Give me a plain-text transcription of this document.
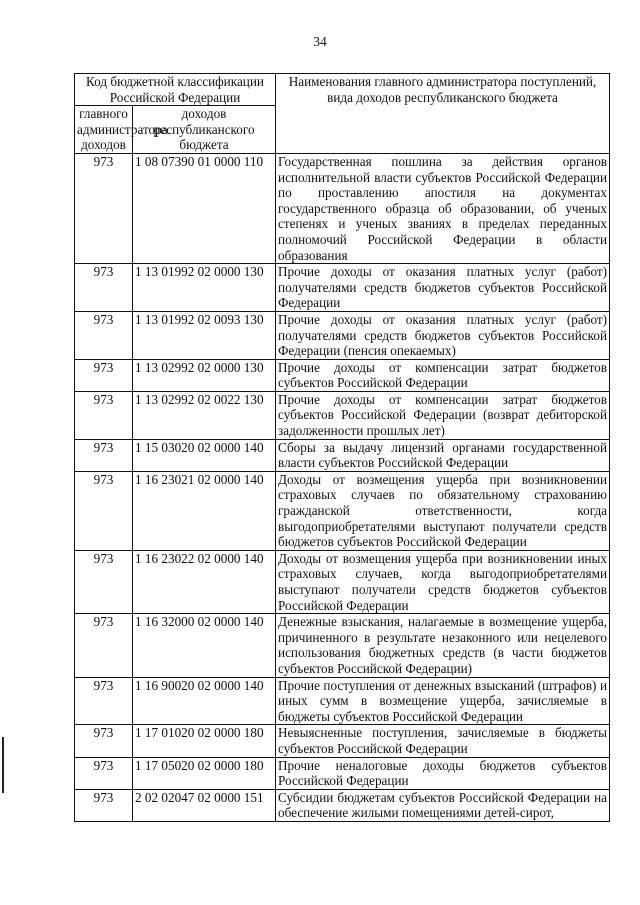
34
Код бюджетной классификации Российской Федерации		Наименования главного администратора поступлений, вида доходов республиканского бюджета
главного администратора доходов	доходов республиканского бюджета	
973	1 08 07390 01 0000 110	Государственная пошлина за действия органов исполнительной власти субъектов Российской Федерации по проставлению апостиля на документах государственного образца об образовании, об ученых степенях и ученых званиях в пределах переданных полномочий Российской Федерации в области образования
973	1 13 01992 02 0000 130	Прочие доходы от оказания платных услуг (работ) получателями средств бюджетов субъектов Российской Федерации
973	1 13 01992 02 0093 130	Прочие доходы от оказания платных услуг (работ) получателями средств бюджетов субъектов Российской Федерации (пенсия опекаемых)
973	1 13 02992 02 0000 130	Прочие доходы от компенсации затрат бюджетов субъектов Российской Федерации
973	1 13 02992 02 0022 130	Прочие доходы от компенсации затрат бюджетов субъектов Российской Федерации (возврат дебиторской задолженности прошлых лет)
973	1 15 03020 02 0000 140	Сборы за выдачу лицензий органами государственной власти субъектов Российской Федерации
973	1 16 23021 02 0000 140	Доходы от возмещения ущерба при возникновении страховых случаев по обязательному страхованию гражданской ответственности, когда выгодоприобретателями выступают получатели средств бюджетов субъектов Российской Федерации
973	1 16 23022 02 0000 140	Доходы от возмещения ущерба при возникновении иных страховых случаев, когда выгодоприобретателями выступают получатели средств бюджетов субъектов Российской Федерации
973	1 16 32000 02 0000 140	Денежные взыскания, налагаемые в возмещение ущерба, причиненного в результате незаконного или нецелевого использования бюджетных средств (в части бюджетов субъектов Российской Федерации)
973	1 16 90020 02 0000 140	Прочие поступления от денежных взысканий (штрафов) и иных сумм в возмещение ущерба, зачисляемые в бюджеты субъектов Российской Федерации
973	1 17 01020 02 0000 180	Невыясненные поступления, зачисляемые в бюджеты субъектов Российской Федерации
973	1 17 05020 02 0000 180	Прочие неналоговые доходы бюджетов субъектов Российской Федерации
973	2 02 02047 02 0000 151	Субсидии бюджетам субъектов Российской Федерации на обеспечение жилыми помещениями детей-сирот,
